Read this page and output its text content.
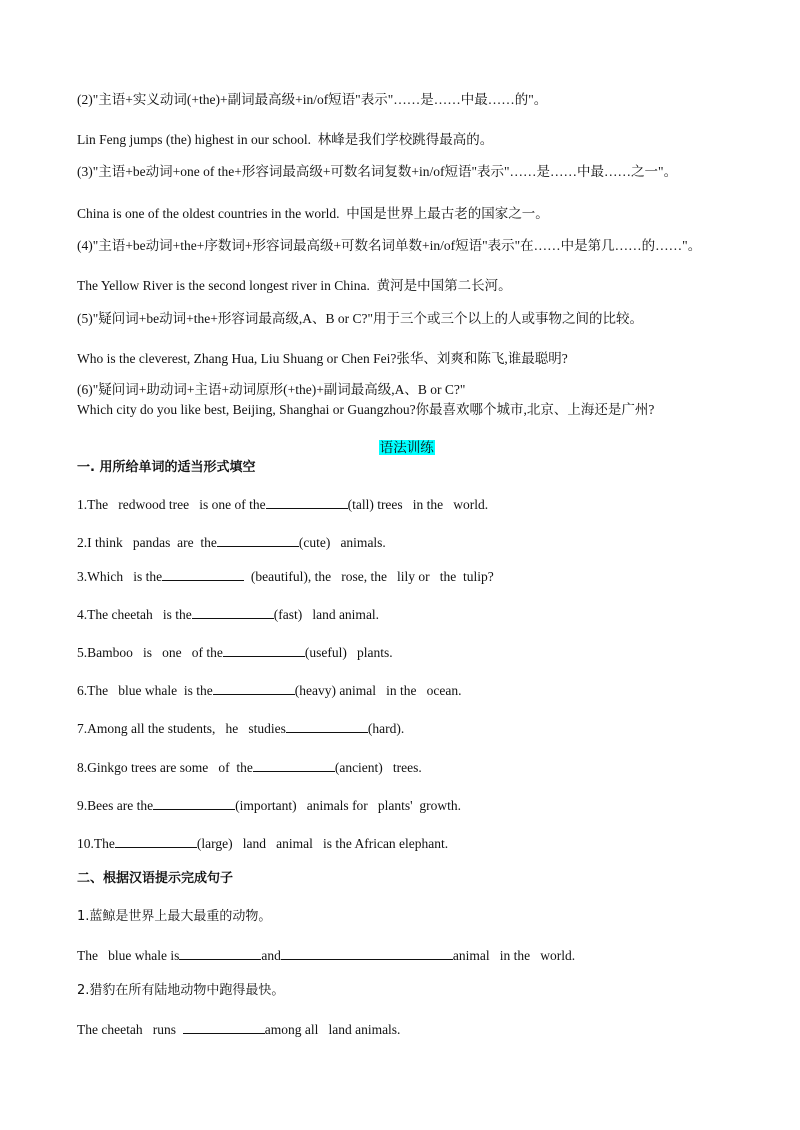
(2)"主语+实义动词(+the)+副词最高级+in/of短语"表示"……是……中最……的"。
Lin Feng jumps (the) highest in our school.  林峰是我们学校跳得最高的。
(3)"主语+be动词+one of the+形容词最高级+可数名词复数+in/of短语"表示"……是……中最……之一"。
China is one of the oldest countries in the world.  中国是世界上最古老的国家之一。
(4)"主语+be动词+the+序数词+形容词最高级+可数名词单数+in/of短语"表示"在……中是第几……的……"。
The Yellow River is the second longest river in China.  黄河是中国第二长河。
(5)"疑问词+be动词+the+形容词最高级,A、B or C?"用于三个或三个以上的人或事物之间的比较。
Who is the cleverest, Zhang Hua, Liu Shuang or Chen Fei?张华、刘爽和陈飞,谁最聪明?
(6)"疑问词+助动词+主语+动词原形(+the)+副词最高级,A、B or C?"
Which city do you like best, Beijing, Shanghai or Guangzhou?你最喜欢哪个城市,北京、上海还是广州?

语法训练

一. 用所给单词的适当形式填空
1.The   redwood tree   is one of the	(tall) trees   in the   world.
2.I think   pandas  are  the	(cute)   animals.
3.Which   is the	(beautiful), the   rose, the   lily or   the  tulip?
4.The cheetah   is the	(fast)   land animal.
5.Bamboo   is   one   of the	(useful)   plants.
6.The   blue whale  is the	(heavy) animal   in the   ocean.
7.Among all the students,   he   studies	(hard).
8.Ginkgo trees are some   of  the	(ancient)   trees.
9.Bees are the	(important)   animals for   plants'  growth.
10.The	(large)   land   animal   is the African elephant.
二、根据汉语提示完成句子
1.蓝鲸是世界上最大最重的动物。
The   blue whale is	and	animal   in the   world.
2.猎豹在所有陆地动物中跑得最快。
The cheetah   runs	among all   land animals.
